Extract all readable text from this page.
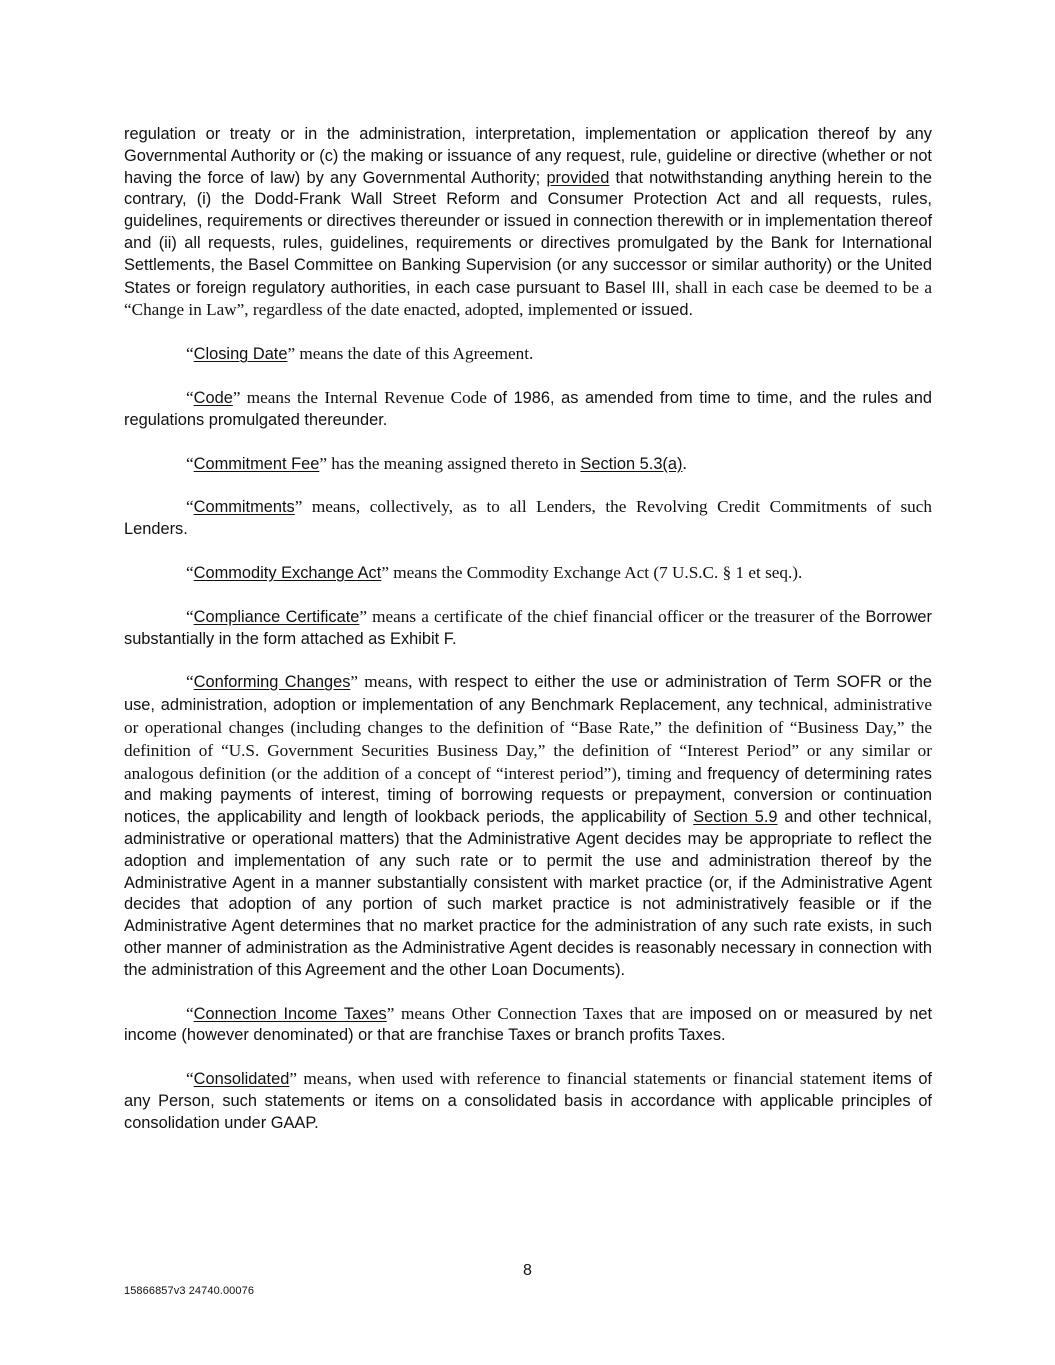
regulation or treaty or in the administration, interpretation, implementation or application thereof by any Governmental Authority or (c) the making or issuance of any request, rule, guideline or directive (whether or not having the force of law) by any Governmental Authority; provided that notwithstanding anything herein to the contrary, (i) the Dodd-Frank Wall Street Reform and Consumer Protection Act and all requests, rules, guidelines, requirements or directives thereunder or issued in connection therewith or in implementation thereof and (ii) all requests, rules, guidelines, requirements or directives promulgated by the Bank for International Settlements, the Basel Committee on Banking Supervision (or any successor or similar authority) or the United States or foreign regulatory authorities, in each case pursuant to Basel III, shall in each case be deemed to be a “Change in Law”, regardless of the date enacted, adopted, implemented or issued.

“Closing Date” means the date of this Agreement.

“Code” means the Internal Revenue Code of 1986, as amended from time to time, and the rules and regulations promulgated thereunder.

“Commitment Fee” has the meaning assigned thereto in Section 5.3(a).

“Commitments” means, collectively, as to all Lenders, the Revolving Credit Commitments of such Lenders.

“Commodity Exchange Act” means the Commodity Exchange Act (7 U.S.C. § 1 et seq.).

“Compliance Certificate” means a certificate of the chief financial officer or the treasurer of the Borrower substantially in the form attached as Exhibit F.

“Conforming Changes” means, with respect to either the use or administration of Term SOFR or the use, administration, adoption or implementation of any Benchmark Replacement, any technical, administrative or operational changes (including changes to the definition of “Base Rate,” the definition of “Business Day,” the definition of “U.S. Government Securities Business Day,” the definition of “Interest Period” or any similar or analogous definition (or the addition of a concept of “interest period”), timing and frequency of determining rates and making payments of interest, timing of borrowing requests or prepayment, conversion or continuation notices, the applicability and length of lookback periods, the applicability of Section 5.9 and other technical, administrative or operational matters) that the Administrative Agent decides may be appropriate to reflect the adoption and implementation of any such rate or to permit the use and administration thereof by the Administrative Agent in a manner substantially consistent with market practice (or, if the Administrative Agent decides that adoption of any portion of such market practice is not administratively feasible or if the Administrative Agent determines that no market practice for the administration of any such rate exists, in such other manner of administration as the Administrative Agent decides is reasonably necessary in connection with the administration of this Agreement and the other Loan Documents).

“Connection Income Taxes” means Other Connection Taxes that are imposed on or measured by net income (however denominated) or that are franchise Taxes or branch profits Taxes.

“Consolidated” means, when used with reference to financial statements or financial statement items of any Person, such statements or items on a consolidated basis in accordance with applicable principles of consolidation under GAAP.

8
15866857v3 24740.00076
